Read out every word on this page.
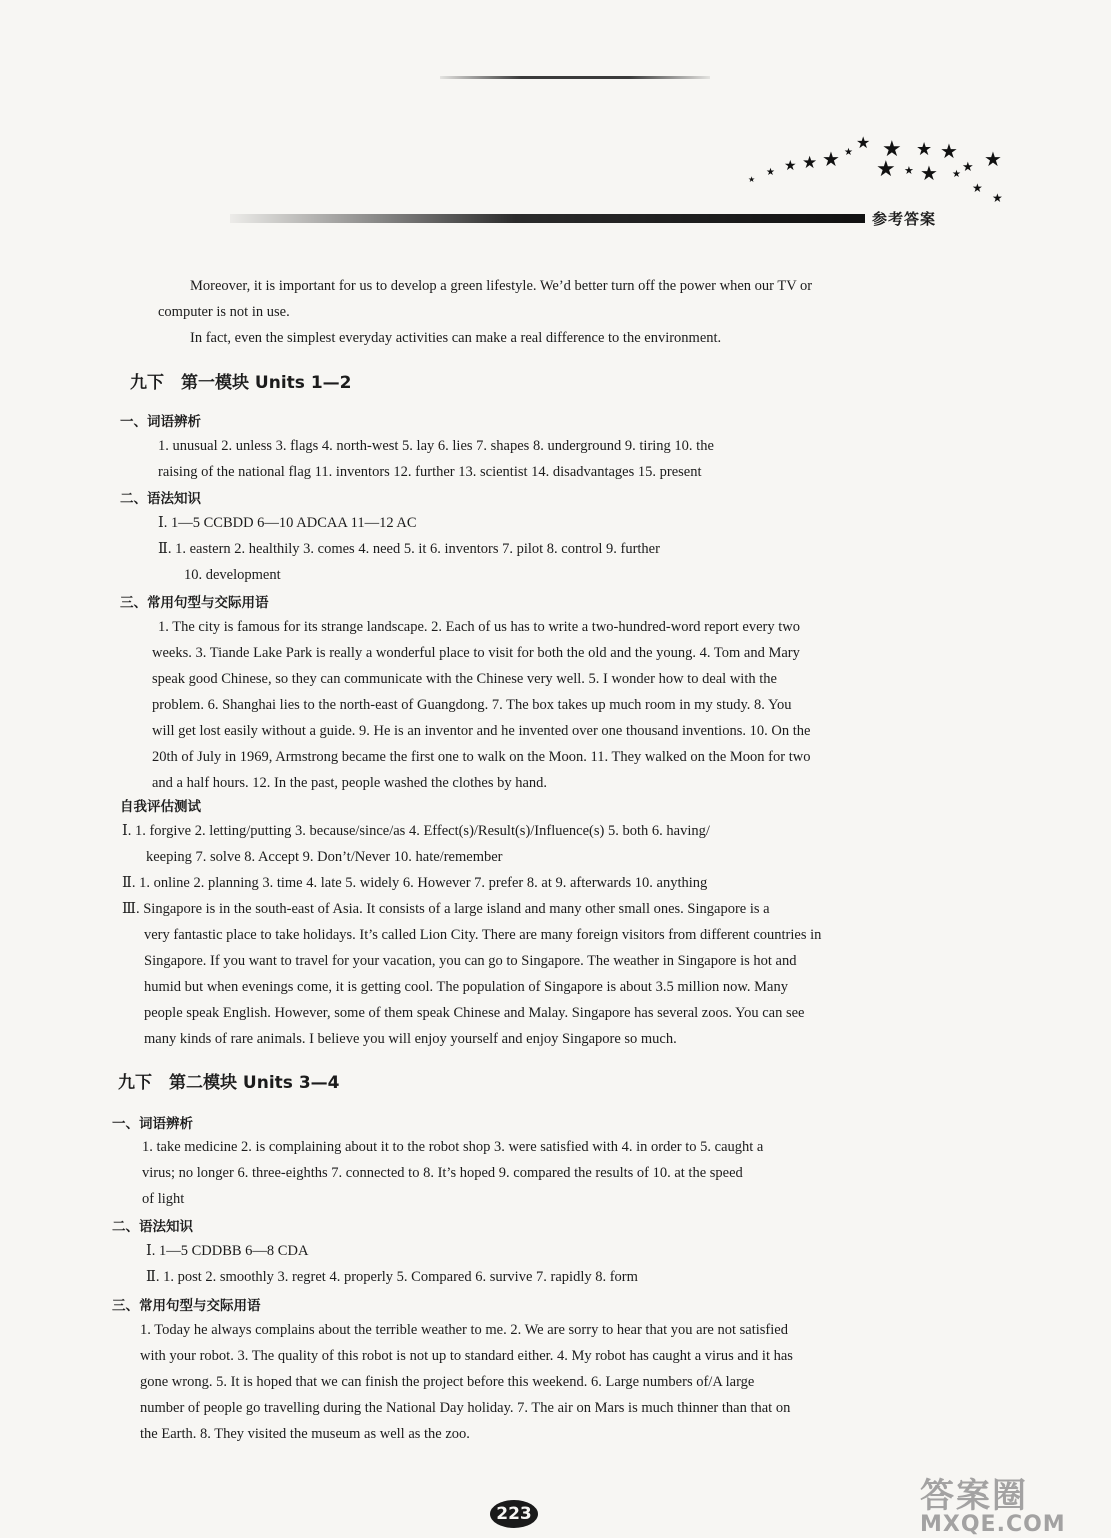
★
★ ★ ★ ★ ★
★
★
★
★
★
★
★
★
★
★
★
★
参考答案

Moreover, it is important for us to develop a green lifestyle. We’d better turn off the power when our TV or

computer is not in use.

In fact, even the simplest everyday activities can make a real difference to the environment.

九下　第一模块 Units 1—2
一、词语辨析

1. unusual 2. unless 3. flags 4. north-west 5. lay 6. lies 7. shapes 8. underground 9. tiring 10. the

raising of the national flag 11. inventors 12. further 13. scientist 14. disadvantages 15. present

二、语法知识

Ⅰ. 1—5 CCBDD 6—10 ADCAA 11—12 AC

Ⅱ. 1. eastern 2. healthily 3. comes 4. need 5. it 6. inventors 7. pilot 8. control 9. further

10. development

三、常用句型与交际用语

1. The city is famous for its strange landscape. 2. Each of us has to write a two-hundred-word report every two

weeks. 3. Tiande Lake Park is really a wonderful place to visit for both the old and the young. 4. Tom and Mary

speak good Chinese, so they can communicate with the Chinese very well. 5. I wonder how to deal with the

problem. 6. Shanghai lies to the north-east of Guangdong. 7. The box takes up much room in my study. 8. You

will get lost easily without a guide. 9. He is an inventor and he invented over one thousand inventions. 10. On the

20th of July in 1969, Armstrong became the first one to walk on the Moon. 11. They walked on the Moon for two

and a half hours. 12. In the past, people washed the clothes by hand.

自我评估测试

Ⅰ. 1. forgive 2. letting/putting 3. because/since/as 4. Effect(s)/Result(s)/Influence(s) 5. both 6. having/

keeping 7. solve 8. Accept 9. Don’t/Never 10. hate/remember

Ⅱ. 1. online 2. planning 3. time 4. late 5. widely 6. However 7. prefer 8. at 9. afterwards 10. anything

Ⅲ. Singapore is in the south-east of Asia. It consists of a large island and many other small ones. Singapore is a

very fantastic place to take holidays. It’s called Lion City. There are many foreign visitors from different countries in

Singapore. If you want to travel for your vacation, you can go to Singapore. The weather in Singapore is hot and

humid but when evenings come, it is getting cool. The population of Singapore is about 3.5 million now. Many

people speak English. However, some of them speak Chinese and Malay. Singapore has several zoos. You can see

many kinds of rare animals. I believe you will enjoy yourself and enjoy Singapore so much.

九下　第二模块 Units 3—4
一、词语辨析

1. take medicine 2. is complaining about it to the robot shop 3. were satisfied with 4. in order to 5. caught a

virus; no longer 6. three-eighths 7. connected to 8. It’s hoped 9. compared the results of 10. at the speed

of light

二、语法知识

Ⅰ. 1—5 CDDBB 6—8 CDA

Ⅱ. 1. post 2. smoothly 3. regret 4. properly 5. Compared 6. survive 7. rapidly 8. form

三、常用句型与交际用语

1. Today he always complains about the terrible weather to me. 2. We are sorry to hear that you are not satisfied

with your robot. 3. The quality of this robot is not up to standard either. 4. My robot has caught a virus and it has

gone wrong. 5. It is hoped that we can finish the project before this weekend. 6. Large numbers of/A large

number of people go travelling during the National Day holiday. 7. The air on Mars is much thinner than that on

the Earth. 8. They visited the museum as well as the zoo.

223	答案圈
MXQE.COM
